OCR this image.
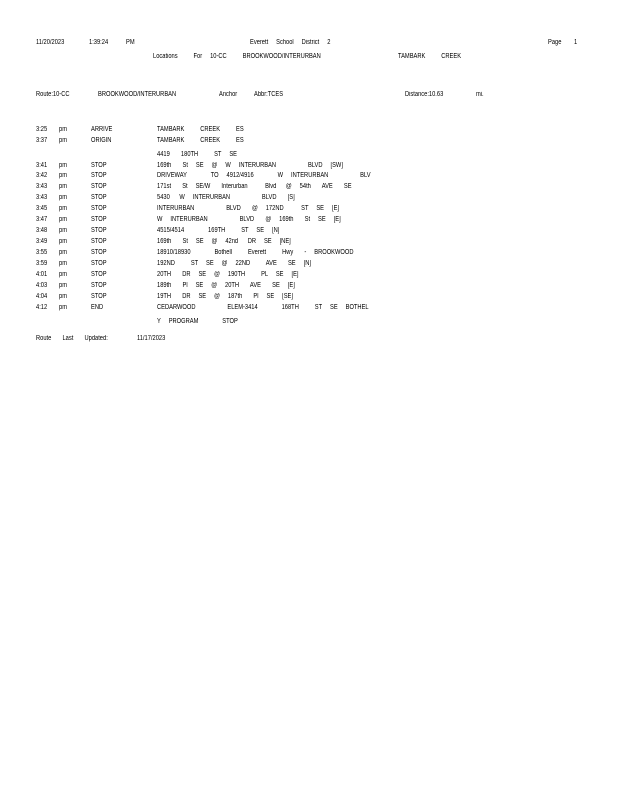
11/20/2023	1:39:24	PM	Everett     School     District     2	Page 1
Locations          For     10-CC          BROOKWOOD/INTERURBAN	TAMBARK          CREEK
Route:10-CC	BROOKWOOD/INTERURBAN	Anchor Abbr:TCES	Distance:10.63	mi.
3:25 pm	ARRIVE	TAMBARK          CREEK          ES
3:37 pm	ORIGIN	TAMBARK          CREEK          ES
4419       180TH          ST     SE
3:41 pm	STOP	169th       St     SE     @     W     INTERURBAN                    BLVD     [SW]
3:42 pm	STOP	DRIVEWAY               TO     4912/4916               W     INTERURBAN                    BLV
3:43 pm	STOP	171st       St     SE/W       Interurban           Blvd      @     54th       AVE       SE
3:43 pm	STOP	5430      W     INTERURBAN                    BLVD       [S]
3:45 pm	STOP	INTERURBAN                    BLVD       @     172ND           ST     SE     [E]
3:47 pm	STOP	W     INTERURBAN                    BLVD       @     169th       St     SE     [E]
3:48 pm	STOP	4515/4514               169TH          ST     SE     [N]
3:49 pm	STOP	169th       St     SE     @     42nd      DR     SE     [NE]
3:55 pm	STOP	18910/18930               Bothell          Everett          Hwy       -     BROOKWOOD
3:59 pm	STOP	192ND          ST     SE     @     22ND          AVE       SE     [N]
4:01 pm	STOP	20TH       DR     SE     @     190TH          PL     SE     [E]
4:03 pm	STOP	189th       Pl     SE     @     20TH       AVE       SE     [E]
4:04 pm	STOP	19TH       DR     SE     @     187th       Pl     SE     [SE]
4:12 pm	END	CEDARWOOD                    ELEM-3414               168TH          ST     SE     BOTHEL
Y     PROGRAM               STOP
Route       Last       Updated:	11/17/2023
